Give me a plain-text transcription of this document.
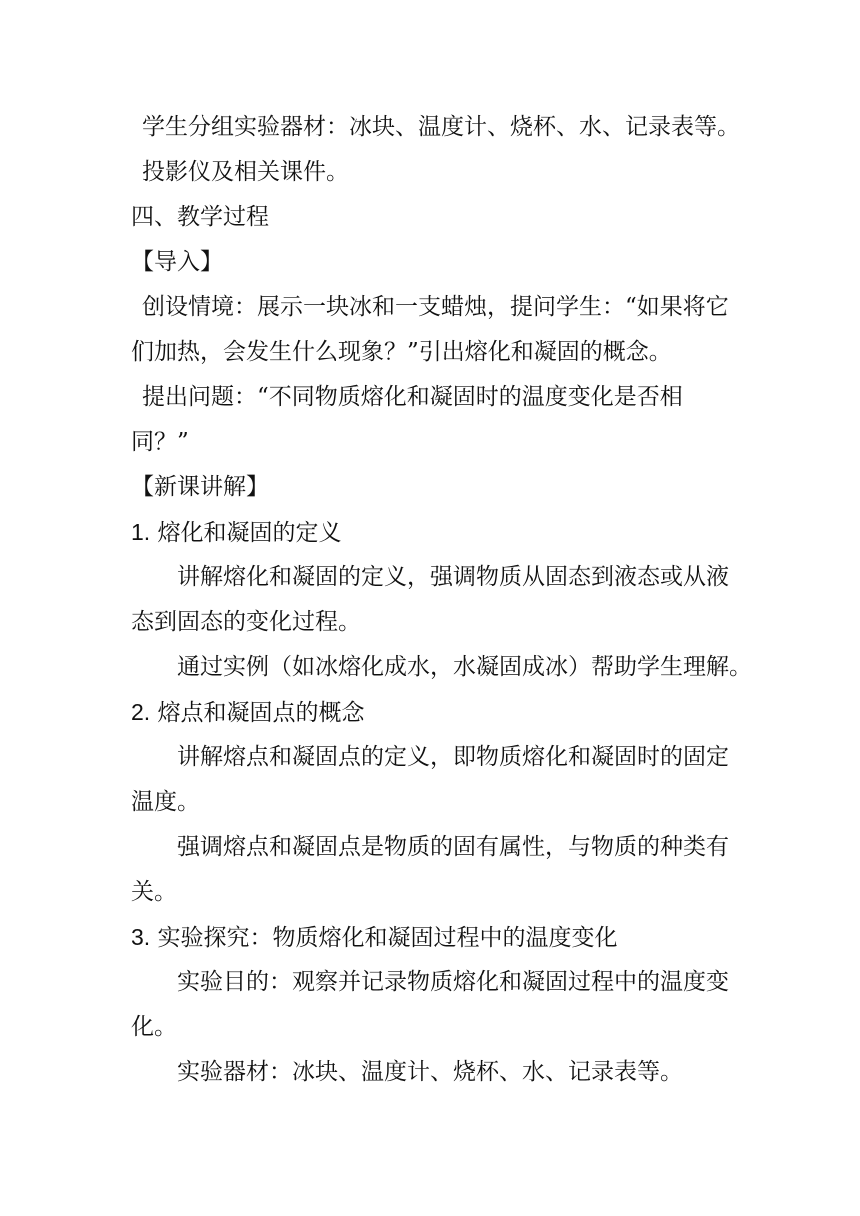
学生分组实验器材：冰块、温度计、烧杯、水、记录表等。
投影仪及相关课件。
四、教学过程
【导入】
创设情境：展示一块冰和一支蜡烛，提问学生：“如果将它
们加热，会发生什么现象？”引出熔化和凝固的概念。
提出问题：“不同物质熔化和凝固时的温度变化是否相
同？”
【新课讲解】
1. 熔化和凝固的定义
讲解熔化和凝固的定义，强调物质从固态到液态或从液
态到固态的变化过程。
通过实例（如冰熔化成水，水凝固成冰）帮助学生理解。
2. 熔点和凝固点的概念
讲解熔点和凝固点的定义，即物质熔化和凝固时的固定
温度。
强调熔点和凝固点是物质的固有属性，与物质的种类有
关。
3. 实验探究：物质熔化和凝固过程中的温度变化
实验目的：观察并记录物质熔化和凝固过程中的温度变
化。
实验器材：冰块、温度计、烧杯、水、记录表等。
